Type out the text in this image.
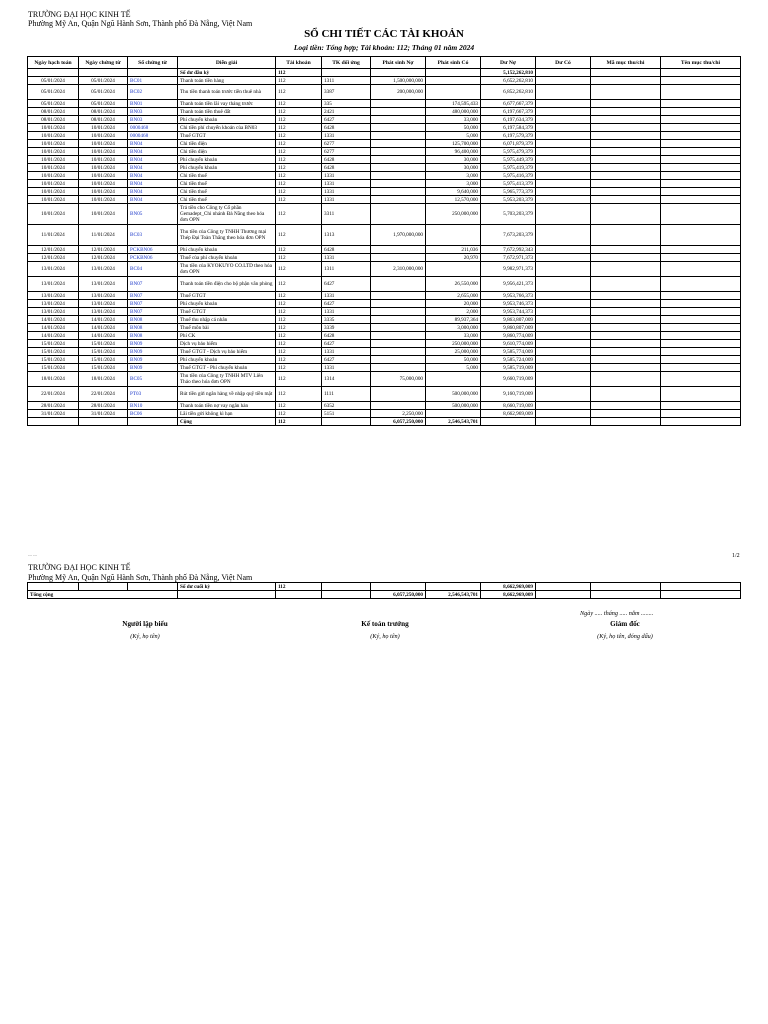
TRƯỜNG ĐẠI HỌC KINH TẾ
Phường Mỹ An, Quận Ngũ Hành Sơn, Thành phố Đà Nẵng, Việt Nam
SỔ CHI TIẾT CÁC TÀI KHOẢN
Loại tiền: Tổng hợp; Tài khoản: 112; Tháng 01 năm 2024
Ngày hạch toán	Ngày chứng từ	Số chứng từ	Diễn giải	Tài khoản	TK đối ứng	Phát sinh Nợ	Phát sinh Có	Dư Nợ	Dư Có	Mã mục thu/chi	Tên mục thu/chi
			Số dư đầu kỳ	112				5,152,262,810			
05/01/2024	05/01/2024	BC01	Thanh toán tiền hàng	112	1311	1,500,000,000		6,652,262,810			
05/01/2024	05/01/2024	BC02	Thu tiền thanh toán trước tiền thuê nhà	112	3387	200,000,000		6,852,262,810			
05/01/2024	05/01/2024	BN01	Thanh toán tiền lãi vay tháng trước	112	335		174,595,433	6,677,667,379			
08/01/2024	08/01/2024	BN03	Thanh toán tiền thuê đất	112	2421		480,000,000	6,197,667,379			
08/01/2024	08/01/2024	BN03	Phí chuyển khoản	112	6427		33,000	6,197,634,379			
10/01/2024	10/01/2024	0000468	Chi tiền phí chuyển khoản của BN03	112	6428		50,000	6,197,584,379			
10/01/2024	10/01/2024	0000468	Thuế GTGT	112	1331		5,000	6,197,579,379			
10/01/2024	10/01/2024	BN04	Chi tiền điện	112	6277		125,700,000	6,071,879,379			
10/01/2024	10/01/2024	BN04	Chi tiền điện	112	6277		96,400,000	5,975,479,379			
10/01/2024	10/01/2024	BN04	Phí chuyển khoản	112	6428		30,000	5,975,449,379			
10/01/2024	10/01/2024	BN04	Phí chuyển khoản	112	6428		30,000	5,975,419,379			
10/01/2024	10/01/2024	BN04	Chi tiền thuế	112	1331		3,000	5,975,416,379			
10/01/2024	10/01/2024	BN04	Chi tiền thuế	112	1331		3,000	5,975,413,379			
10/01/2024	10/01/2024	BN04	Chi tiền thuế	112	1331		9,640,000	5,965,773,379			
10/01/2024	10/01/2024	BN04	Chi tiền thuế	112	1331		12,570,000	5,953,203,379			
10/01/2024	10/01/2024	BN05	Trả tiền cho Công ty Cổ phần Gemadept_Chi nhánh Đà Nẵng theo hóa đơn OPN	112	3311		250,000,000	5,703,203,379			
11/01/2024	11/01/2024	BC03	Thu tiền của Công ty TNHH Thương mại Thép Đại Toàn Thắng theo hóa đơn OPN	112	1313	1,970,000,000		7,673,203,379			
12/01/2024	12/01/2024	PCKBN06	Phí chuyển khoản	112	6428		211,036	7,672,992,343			
12/01/2024	12/01/2024	PCKBN06	Thuế của phí chuyển khoản	112	1331		20,970	7,672,971,373			
13/01/2024	13/01/2024	BC04	Thu tiền của KYOKUYO CO.LTD theo hóa đơn OPN	112	1311	2,310,000,000		9,982,971,373			
13/01/2024	13/01/2024	BN07	Thanh toán tiền điện cho bộ phận văn phòng	112	6427		26,550,000	9,956,421,373			
13/01/2024	13/01/2024	BN07	Thuế GTGT	112	1331		2,655,000	9,953,766,373			
13/01/2024	13/01/2024	BN07	Phí chuyển khoản	112	6427		20,000	9,953,746,373			
13/01/2024	13/01/2024	BN07	Thuế GTGT	112	1331		2,000	9,953,744,373			
14/01/2024	14/01/2024	BN08	Thuế thu nhập cá nhân	112	3335		89,937,364	9,863,807,009			
14/01/2024	14/01/2024	BN08	Thuế môn bài	112	3339		3,000,000	9,860,807,009			
14/01/2024	14/01/2024	BN08	Phí CK	112	6428		33,000	9,860,774,009			
15/01/2024	15/01/2024	BN09	Dịch vụ bảo hiểm	112	6427		250,000,000	9,610,774,009			
15/01/2024	15/01/2024	BN09	Thuế GTGT - Dịch vụ bảo hiểm	112	1331		25,000,000	9,585,774,009			
15/01/2024	15/01/2024	BN09	Phí chuyển khoản	112	6427		50,000	9,585,724,009			
15/01/2024	15/01/2024	BN09	Thuế GTGT - Phí chuyển khoản	112	1331		5,000	9,585,719,009			
18/01/2024	18/01/2024	BC05	Thu tiền của Công ty TNHH MTV Liên Thảo theo hóa đơn OPN	112	1314	75,000,000		9,660,719,009			
22/01/2024	22/01/2024	PT03	Rút tiền gửi ngân hàng về nhập quỹ tiền mặt	112	1111		500,000,000	9,160,719,009			
28/01/2024	28/01/2024	BN10	Thanh toán tiền nợ vay ngân hàn	112	6352		500,000,000	8,660,719,009			
31/01/2024	31/01/2024	BC06	Lãi tiền gửi không kì hạn	112	5151	2,250,000		8,662,969,009			
			Cộng	112		6,057,250,000	2,546,543,701				
--- ---	1/2
TRƯỜNG ĐẠI HỌC KINH TẾ
Phường Mỹ An, Quận Ngũ Hành Sơn, Thành phố Đà Nẵng, Việt Nam
			Số dư cuối kỳ	112				8,662,969,009			
Tổng cộng						6,057,250,000	2,546,543,701	8,662,969,009			
Ngày ..... tháng ..... năm ........
Người lập biểu
(Ký, họ tên)
Kế toán trưởng
(Ký, họ tên)
Giám đốc
(Ký, họ tên, đóng dấu)
